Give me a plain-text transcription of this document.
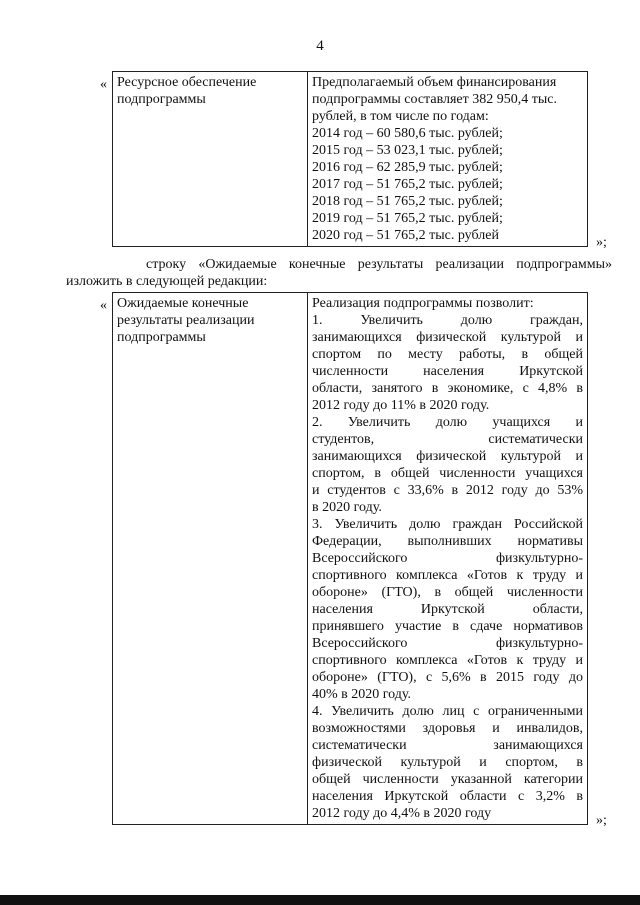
4
« Ресурсное обеспечение
подпрограммы

Предполагаемый объем финансирования
подпрограммы составляет 382 950,4 тыс.
рублей, в том числе по годам:
2014 год – 60 580,6 тыс. рублей;
2015 год – 53 023,1 тыс. рублей;
2016 год – 62 285,9 тыс. рублей;
2017 год – 51 765,2 тыс. рублей;
2018 год – 51 765,2 тыс. рублей;
2019 год – 51 765,2 тыс. рублей;
2020 год – 51 765,2 тыс. рублей	»;
строку «Ожидаемые конечные результаты реализации подпрограммы»
изложить в следующей редакции:
« Ожидаемые конечные
результаты реализации
подпрограммы

Реализация подпрограммы позволит:
1. Увеличить долю граждан,
занимающихся физической культурой и
спортом по месту работы, в общей
численности населения Иркутской
области, занятого в экономике, с 4,8% в
2012 году до 11% в 2020 году.
2. Увеличить долю учащихся и
студентов, систематически
занимающихся физической культурой и
спортом, в общей численности учащихся
и студентов с 33,6% в 2012 году до 53%
в 2020 году.
3. Увеличить долю граждан Российской
Федерации, выполнивших нормативы
Всероссийского физкультурно-
спортивного комплекса «Готов к труду и
обороне» (ГТО), в общей численности
населения Иркутской области,
принявшего участие в сдаче нормативов
Всероссийского физкультурно-
спортивного комплекса «Готов к труду и
обороне» (ГТО), с 5,6% в 2015 году до
40% в 2020 году.
4. Увеличить долю лиц с ограниченными
возможностями здоровья и инвалидов,
систематически занимающихся
физической культурой и спортом, в
общей численности указанной категории
населения Иркутской области с 3,2% в
2012 году до 4,4% в 2020 году	»;
